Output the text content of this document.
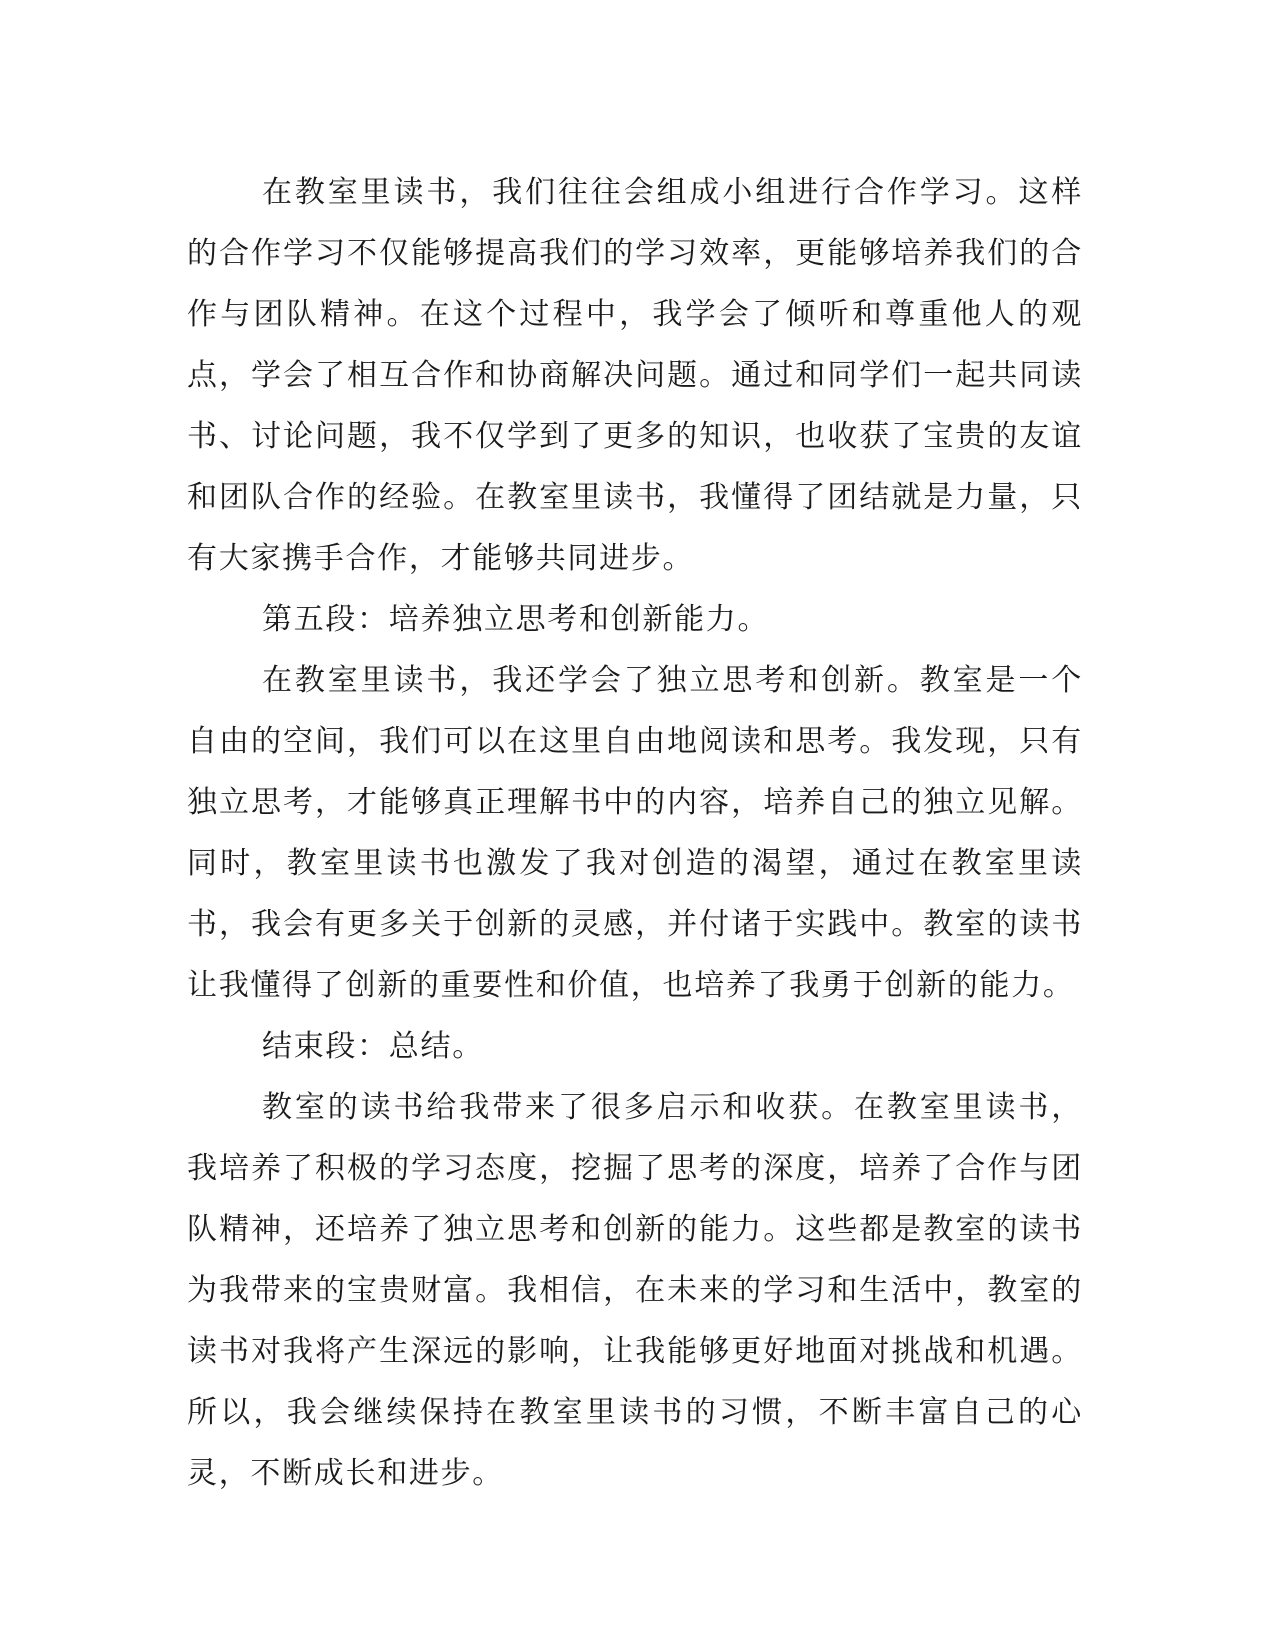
在教室里读书，我们往往会组成小组进行合作学习。这样的合作学习不仅能够提高我们的学习效率，更能够培养我们的合作与团队精神。在这个过程中，我学会了倾听和尊重他人的观点，学会了相互合作和协商解决问题。通过和同学们一起共同读书、讨论问题，我不仅学到了更多的知识，也收获了宝贵的友谊和团队合作的经验。在教室里读书，我懂得了团结就是力量，只有大家携手合作，才能够共同进步。

第五段：培养独立思考和创新能力。

在教室里读书，我还学会了独立思考和创新。教室是一个自由的空间，我们可以在这里自由地阅读和思考。我发现，只有独立思考，才能够真正理解书中的内容，培养自己的独立见解。同时，教室里读书也激发了我对创造的渴望，通过在教室里读书，我会有更多关于创新的灵感，并付诸于实践中。教室的读书让我懂得了创新的重要性和价值，也培养了我勇于创新的能力。

结束段：总结。

教室的读书给我带来了很多启示和收获。在教室里读书，我培养了积极的学习态度，挖掘了思考的深度，培养了合作与团队精神，还培养了独立思考和创新的能力。这些都是教室的读书为我带来的宝贵财富。我相信，在未来的学习和生活中，教室的读书对我将产生深远的影响，让我能够更好地面对挑战和机遇。所以，我会继续保持在教室里读书的习惯，不断丰富自己的心灵，不断成长和进步。
